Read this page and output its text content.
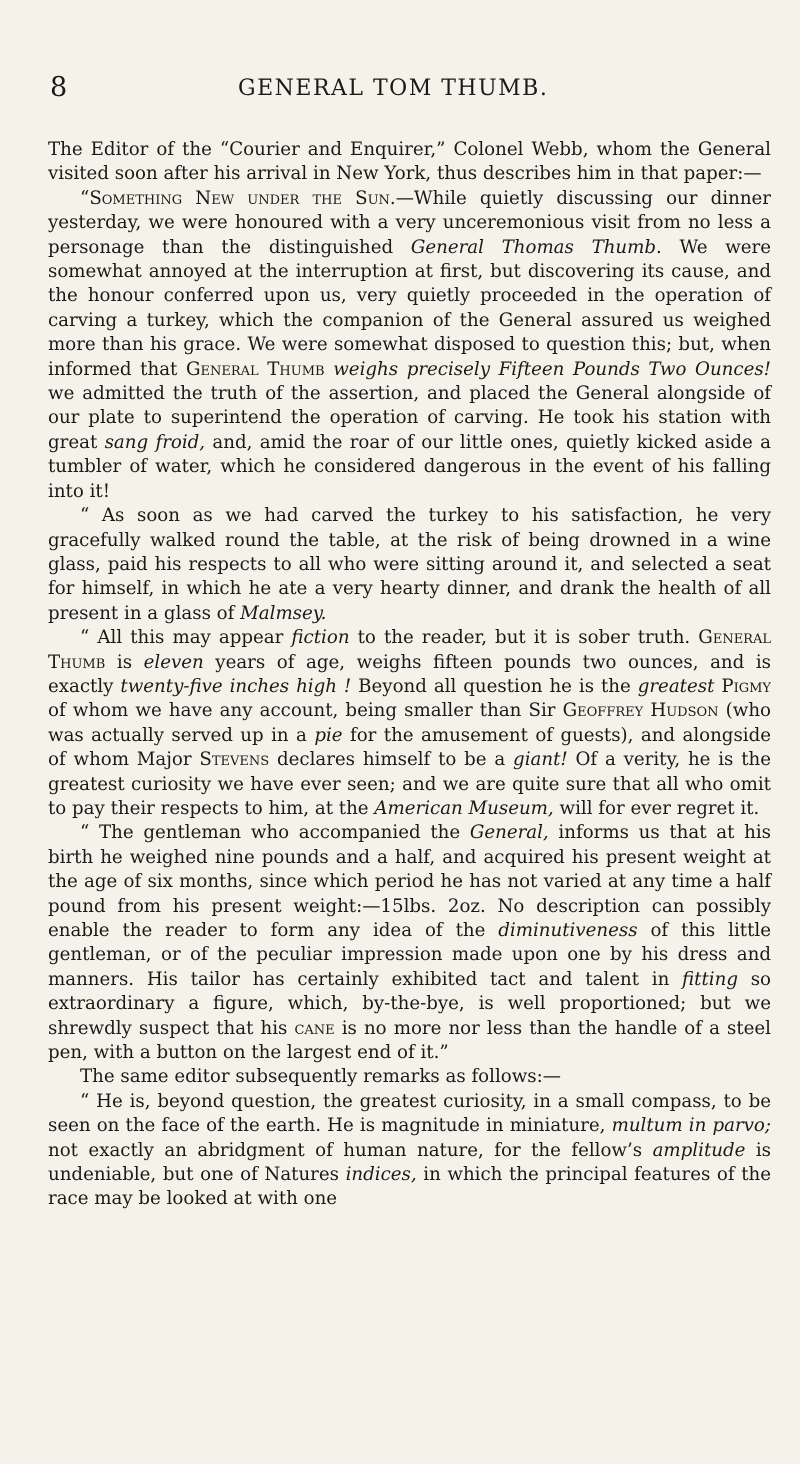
8	GENERAL TOM THUMB.

The Editor of the “Courier and Enquirer,” Colonel Webb, whom the General visited soon after his arrival in New York, thus describes him in that paper:—

“Something New under the Sun.—While quietly discussing our dinner yesterday, we were honoured with a very unceremonious visit from no less a personage than the distinguished General Thomas Thumb. We were somewhat annoyed at the interruption at first, but discovering its cause, and the honour conferred upon us, very quietly proceeded in the operation of carving a turkey, which the companion of the General assured us weighed more than his grace. We were somewhat disposed to question this; but, when informed that General Thumb weighs precisely Fifteen Pounds Two Ounces! we admitted the truth of the assertion, and placed the General alongside of our plate to superintend the operation of carving. He took his station with great sang froid, and, amid the roar of our little ones, quietly kicked aside a tumbler of water, which he considered dangerous in the event of his falling into it!

“ As soon as we had carved the turkey to his satisfaction, he very gracefully walked round the table, at the risk of being drowned in a wine glass, paid his respects to all who were sitting around it, and selected a seat for himself, in which he ate a very hearty dinner, and drank the health of all present in a glass of Malmsey.

“ All this may appear fiction to the reader, but it is sober truth. General Thumb is eleven years of age, weighs fifteen pounds two ounces, and is exactly twenty-five inches high ! Beyond all question he is the greatest Pigmy of whom we have any account, being smaller than Sir Geoffrey Hudson (who was actually served up in a pie for the amusement of guests), and alongside of whom Major Stevens declares himself to be a giant! Of a verity, he is the greatest curiosity we have ever seen; and we are quite sure that all who omit to pay their respects to him, at the American Museum, will for ever regret it.

“ The gentleman who accompanied the General, informs us that at his birth he weighed nine pounds and a half, and acquired his present weight at the age of six months, since which period he has not varied at any time a half pound from his present weight:—15lbs. 2oz. No description can possibly enable the reader to form any idea of the diminutiveness of this little gentleman, or of the peculiar impression made upon one by his dress and manners. His tailor has certainly exhibited tact and talent in fitting so extraordinary a figure, which, by-the-bye, is well proportioned; but we shrewdly suspect that his cane is no more nor less than the handle of a steel pen, with a button on the largest end of it.”

The same editor subsequently remarks as follows:—

“ He is, beyond question, the greatest curiosity, in a small compass, to be seen on the face of the earth. He is magnitude in miniature, multum in parvo; not exactly an abridgment of human nature, for the fellow’s amplitude is undeniable, but one of Natures indices, in which the principal features of the race may be looked at with one
